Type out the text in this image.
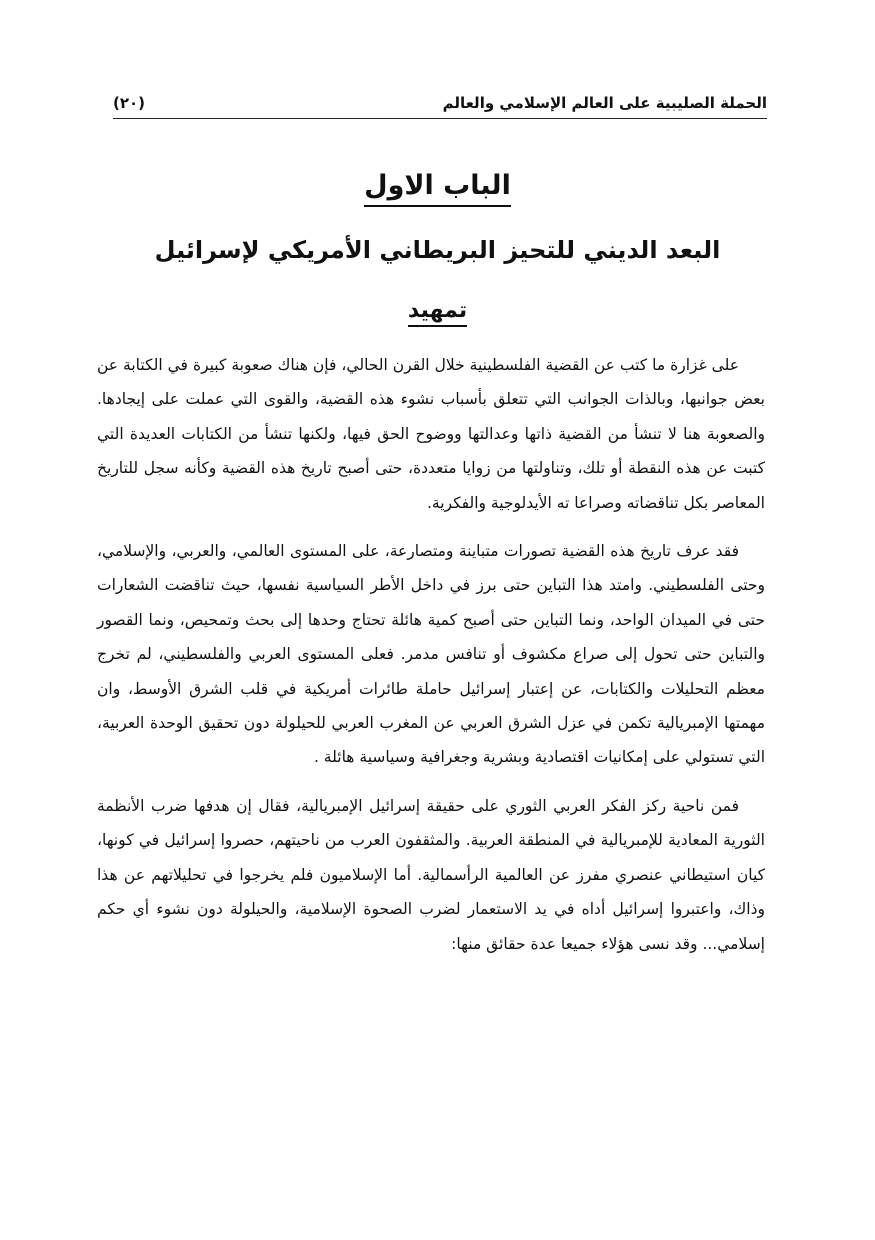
الحملة الصليبية على العالم الإسلامي والعالم
(٢٠)
الباب الاول
البعد الديني للتحيز البريطاني الأمريكي لإسرائيل
تمهيد

على غزارة ما كتب عن القضية الفلسطينية خلال القرن الحالي، فإن هناك صعوبة كبيرة في الكتابة عن بعض جوانبها، وبالذات الجوانب التي تتعلق بأسباب نشوء هذه القضية، والقوى التي عملت على إيجادها. والصعوبة هنا لا تنشأ من القضية ذاتها وعدالتها ووضوح الحق فيها، ولكنها تنشأ من الكتابات العديدة التي كتبت عن هذه النقطة أو تلك، وتناولتها من زوايا متعددة، حتى أصبح تاريخ هذه القضية وكأنه سجل للتاريخ المعاصر بكل تناقضاته وصراعا ته الأيدلوجية والفكرية.

فقد عرف تاريخ هذه القضية تصورات متباينة ومتصارعة، على المستوى العالمي، والعربي، والإسلامي، وحتى الفلسطيني. وامتد هذا التباين حتى برز في داخل الأطر السياسية نفسها، حيث تناقضت الشعارات حتى في الميدان الواحد، ونما التباين حتى أصبح كمية هائلة تحتاج وحدها إلى بحث وتمحيص، ونما القصور والتباين حتى تحول إلى صراع مكشوف أو تنافس مدمر. فعلى المستوى العربي والفلسطيني، لم تخرج معظم التحليلات والكتابات، عن إعتبار إسرائيل حاملة طائرات أمريكية في قلب الشرق الأوسط، وان مهمتها الإمبريالية تكمن في عزل الشرق العربي عن المغرب العربي للحيلولة دون تحقيق الوحدة العربية، التي تستولي على إمكانيات اقتصادية وبشرية وجغرافية وسياسية هائلة .

فمن ناحية ركز الفكر العربي الثوري على حقيقة إسرائيل الإمبريالية، فقال إن هدفها ضرب الأنظمة الثورية المعادية للإمبريالية في المنطقة العربية. والمثقفون العرب من ناحيتهم، حصروا إسرائيل في كونها، كيان استيطاني عنصري مفرز عن العالمية الرأسمالية. أما الإسلاميون فلم يخرجوا في تحليلاتهم عن هذا وذاك، واعتبروا إسرائيل أداه في يد الاستعمار لضرب الصحوة الإسلامية، والحيلولة دون نشوء أي حكم إسلامي... وقد نسى هؤلاء جميعا عدة حقائق منها:
